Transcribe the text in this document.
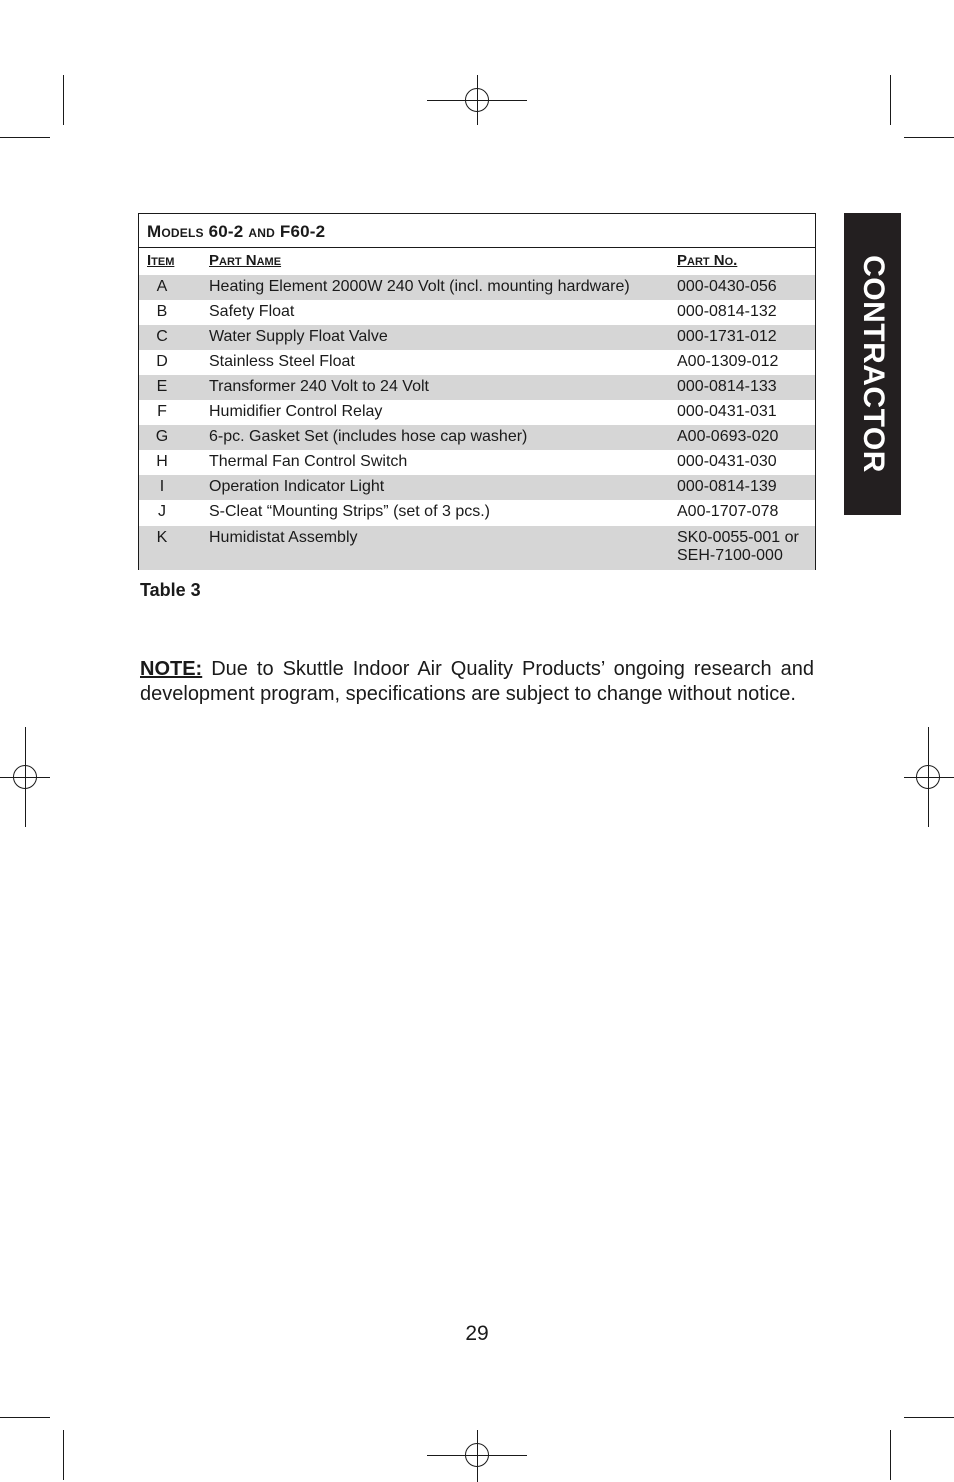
Models 60-2 and F60-2
Item Part Name	Part No.
A	Heating Element 2000W 240 Volt (incl. mounting hardware)	000-0430-056
B	Safety Float	000-0814-132
C	Water Supply Float Valve	000-1731-012
D	Stainless Steel Float	A00-1309-012
E	Transformer 240 Volt to 24 Volt	000-0814-133
F	Humidifier Control Relay	000-0431-031
G	6-pc. Gasket Set (includes hose cap washer)	A00-0693-020
H	Thermal Fan Control Switch	000-0431-030
I	Operation Indicator Light	000-0814-139
J	S-Cleat “Mounting Strips” (set of 3 pcs.)	A00-1707-078
K	Humidistat Assembly	SK0-0055-001 or
SEH-7100-000
Table 3

NOTE: Due to Skuttle Indoor Air Quality Products’ ongoing research and development program, specifications are subject to change without notice.

CONTRACTOR
29
